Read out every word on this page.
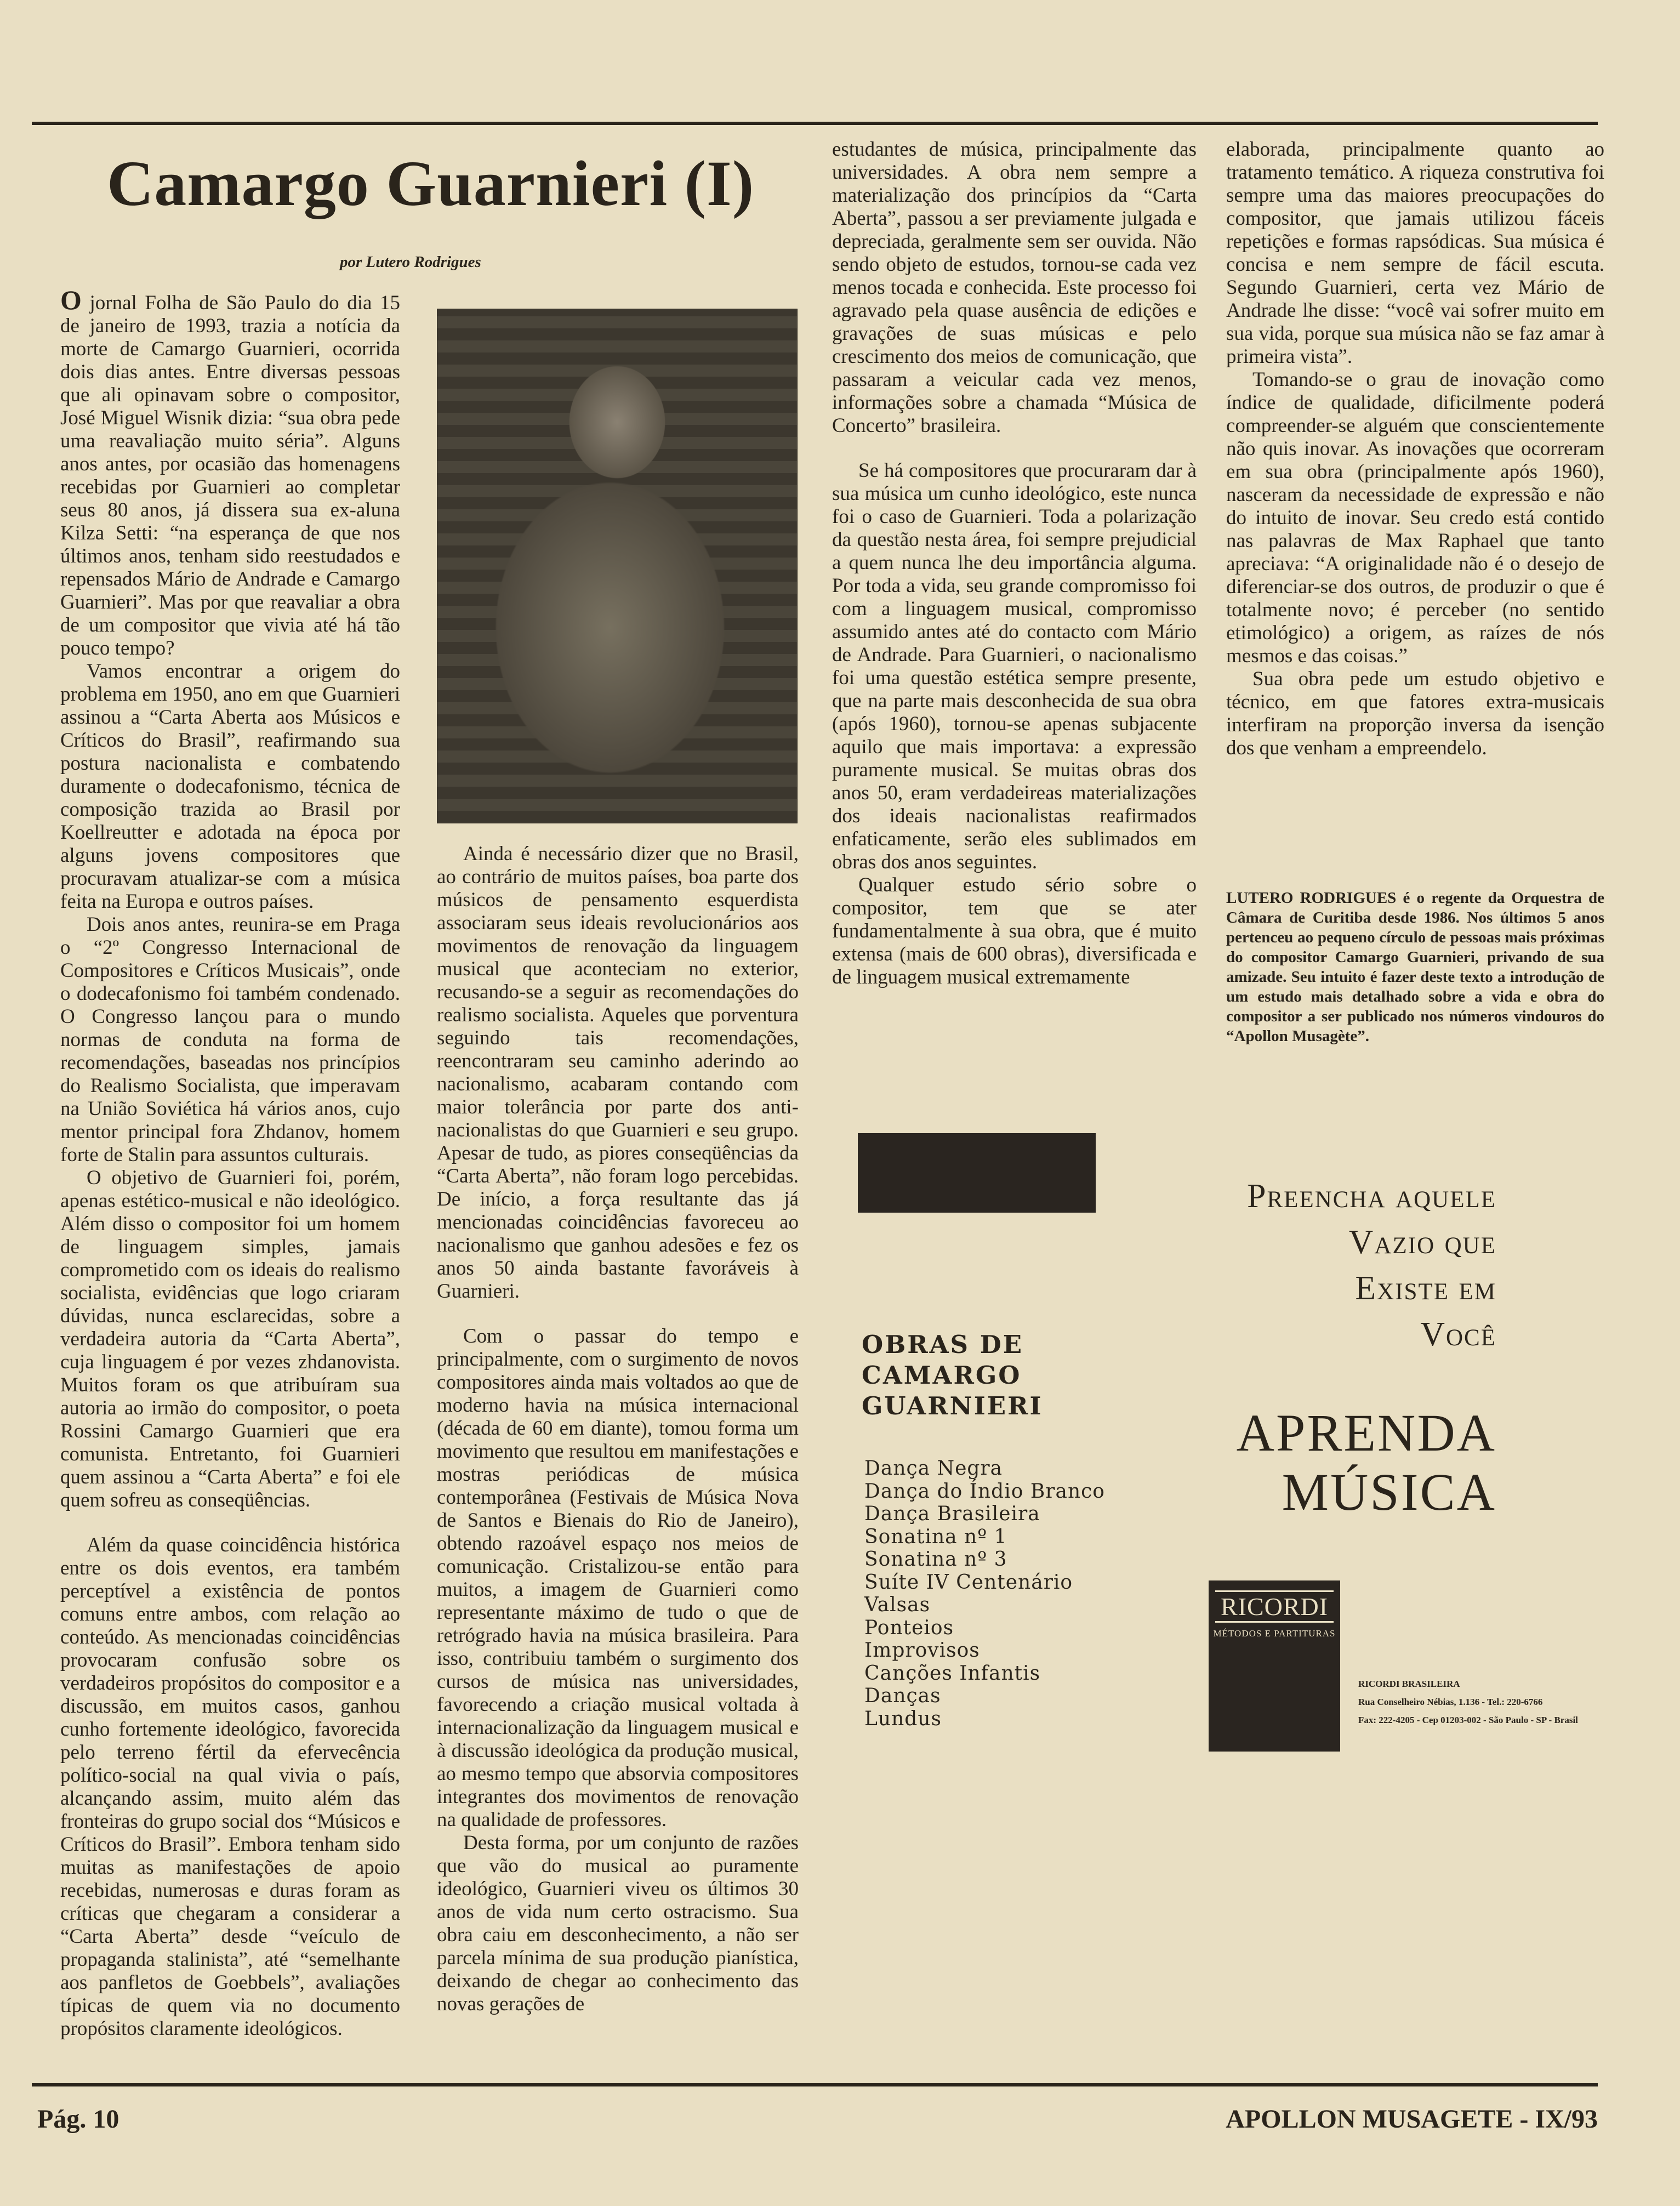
Camargo Guarnieri (I)
por Lutero Rodrigues

O jornal Folha de São Paulo do dia 15 de janeiro de 1993, trazia a notícia da morte de Camargo Guarnieri, ocorrida dois dias antes. Entre diversas pessoas que ali opinavam sobre o compositor, José Miguel Wisnik dizia: “sua obra pede uma reavaliação muito séria”. Alguns anos antes, por ocasião das homenagens recebidas por Guarnieri ao completar seus 80 anos, já dissera sua ex-aluna Kilza Setti: “na esperança de que nos últimos anos, tenham sido reestudados e repensados Mário de Andrade e Camargo Guarnieri”. Mas por que reavaliar a obra de um compositor que vivia até há tão pouco tempo?

Vamos encontrar a origem do problema em 1950, ano em que Guarnieri assinou a “Carta Aberta aos Músicos e Críticos do Brasil”, reafirmando sua postura nacionalista e combatendo duramente o dodecafonismo, técnica de composição trazida ao Brasil por Koellreutter e adotada na época por alguns jovens compositores que procuravam atualizar-se com a música feita na Europa e outros países.

Dois anos antes, reunira-se em Praga o “2º Congresso Internacional de Compositores e Críticos Musicais”, onde o dodecafonismo foi também condenado. O Congresso lançou para o mundo normas de conduta na forma de recomendações, baseadas nos princípios do Realismo Socialista, que imperavam na União Soviética há vários anos, cujo mentor principal fora Zhdanov, homem forte de Stalin para assuntos culturais.

O objetivo de Guarnieri foi, porém, apenas estético-musical e não ideológico. Além disso o compositor foi um homem de linguagem simples, jamais comprometido com os ideais do realismo socialista, evidências que logo criaram dúvidas, nunca esclarecidas, sobre a verdadeira autoria da “Carta Aberta”, cuja linguagem é por vezes zhdanovista. Muitos foram os que atribuíram sua autoria ao irmão do compositor, o poeta Rossini Camargo Guarnieri que era comunista. Entretanto, foi Guarnieri quem assinou a “Carta Aberta” e foi ele quem sofreu as conseqüências.

Além da quase coincidência histórica entre os dois eventos, era também perceptível a existência de pontos comuns entre ambos, com relação ao conteúdo. As mencionadas coincidências provocaram confusão sobre os verdadeiros propósitos do compositor e a discussão, em muitos casos, ganhou cunho fortemente ideológico, favorecida pelo terreno fértil da efervecência político-social na qual vivia o país, alcançando assim, muito além das fronteiras do grupo social dos “Músicos e Críticos do Brasil”. Embora tenham sido muitas as manifestações de apoio recebidas, numerosas e duras foram as críticas que chegaram a considerar a “Carta Aberta” desde “veículo de propaganda stalinista”, até “semelhante aos panfletos de Goebbels”, avaliações típicas de quem via no documento propósitos claramente ideológicos.

Ainda é necessário dizer que no Brasil, ao contrário de muitos países, boa parte dos músicos de pensamento esquerdista associaram seus ideais revolucionários aos movimentos de renovação da linguagem musical que aconteciam no exterior, recusando-se a seguir as recomendações do realismo socialista. Aqueles que porventura seguindo tais recomendações, reencontraram seu caminho aderindo ao nacionalismo, acabaram contando com maior tolerância por parte dos anti-nacionalistas do que Guarnieri e seu grupo. Apesar de tudo, as piores conseqüências da “Carta Aberta”, não foram logo percebidas. De início, a força resultante das já mencionadas coincidências favoreceu ao nacionalismo que ganhou adesões e fez os anos 50 ainda bastante favoráveis à Guarnieri.

Com o passar do tempo e principalmente, com o surgimento de novos compositores ainda mais voltados ao que de moderno havia na música internacional (década de 60 em diante), tomou forma um movimento que resultou em manifestações e mostras periódicas de música contemporânea (Festivais de Música Nova de Santos e Bienais do Rio de Janeiro), obtendo razoável espaço nos meios de comunicação. Cristalizou-se então para muitos, a imagem de Guarnieri como representante máximo de tudo o que de retrógrado havia na música brasileira. Para isso, contribuiu também o surgimento dos cursos de música nas universidades, favorecendo a criação musical voltada à internacionalização da linguagem musical e à discussão ideológica da produção musical, ao mesmo tempo que absorvia compositores integrantes dos movimentos de renovação na qualidade de professores.

Desta forma, por um conjunto de razões que vão do musical ao puramente ideológico, Guarnieri viveu os últimos 30 anos de vida num certo ostracismo. Sua obra caiu em desconhecimento, a não ser parcela mínima de sua produção pianística, deixando de chegar ao conhecimento das novas gerações de

estudantes de música, principalmente das universidades. A obra nem sempre a materialização dos princípios da “Carta Aberta”, passou a ser previamente julgada e depreciada, geralmente sem ser ouvida. Não sendo objeto de estudos, tornou-se cada vez menos tocada e conhecida. Este processo foi agravado pela quase ausência de edições e gravações de suas músicas e pelo crescimento dos meios de comunicação, que passaram a veicular cada vez menos, informações sobre a chamada “Música de Concerto” brasileira.

Se há compositores que procuraram dar à sua música um cunho ideológico, este nunca foi o caso de Guarnieri. Toda a polarização da questão nesta área, foi sempre prejudicial a quem nunca lhe deu importância alguma. Por toda a vida, seu grande compromisso foi com a linguagem musical, compromisso assumido antes até do contacto com Mário de Andrade. Para Guarnieri, o nacionalismo foi uma questão estética sempre presente, que na parte mais desconhecida de sua obra (após 1960), tornou-se apenas subjacente aquilo que mais importava: a expressão puramente musical. Se muitas obras dos anos 50, eram verdadeireas materializações dos ideais nacionalistas reafirmados enfaticamente, serão eles sublimados em obras dos anos seguintes.

Qualquer estudo sério sobre o compositor, tem que se ater fundamentalmente à sua obra, que é muito extensa (mais de 600 obras), diversificada e de linguagem musical extremamente

elaborada, principalmente quanto ao tratamento temático. A riqueza construtiva foi sempre uma das maiores preocupações do compositor, que jamais utilizou fáceis repetições e formas rapsódicas. Sua música é concisa e nem sempre de fácil escuta. Segundo Guarnieri, certa vez Mário de Andrade lhe disse: “você vai sofrer muito em sua vida, porque sua música não se faz amar à primeira vista”.

Tomando-se o grau de inovação como índice de qualidade, dificilmente poderá compreender-se alguém que conscientemente não quis inovar. As inovações que ocorreram em sua obra (principalmente após 1960), nasceram da necessidade de expressão e não do intuito de inovar. Seu credo está contido nas palavras de Max Raphael que tanto apreciava: “A originalidade não é o desejo de diferenciar-se dos outros, de produzir o que é totalmente novo; é perceber (no sentido etimológico) a origem, as raízes de nós mesmos e das coisas.”

Sua obra pede um estudo objetivo e técnico, em que fatores extra-musicais interfiram na proporção inversa da isenção dos que venham a empreendelo.

LUTERO RODRIGUES é o regente da Orquestra de Câmara de Curitiba desde 1986. Nos últimos 5 anos pertenceu ao pequeno círculo de pessoas mais próximas do compositor Camargo Guarnieri, privando de sua amizade. Seu intuito é fazer deste texto a introdução de um estudo mais detalhado sobre a vida e obra do compositor a ser publicado nos números vindouros do “Apollon Musagète”.

OBRAS DE CAMARGO GUARNIERI
Dança Negra
Dança do Índio Branco
Dança Brasileira
Sonatina nº 1
Sonatina nº 3
Suíte IV Centenário
Valsas
Ponteios
Improvisos
Canções Infantis
Danças
Lundus
Preencha aquele
Vazio que
Existe em
Você
APRENDA
MÚSICA
RICORDI
MÉTODOS E PARTITURAS
RICORDI BRASILEIRA
Rua Conselheiro Nébias, 1.136 - Tel.: 220-6766
Fax: 222-4205 - Cep 01203-002 - São Paulo - SP - Brasil
Pág. 10	APOLLON MUSAGETE - IX/93
